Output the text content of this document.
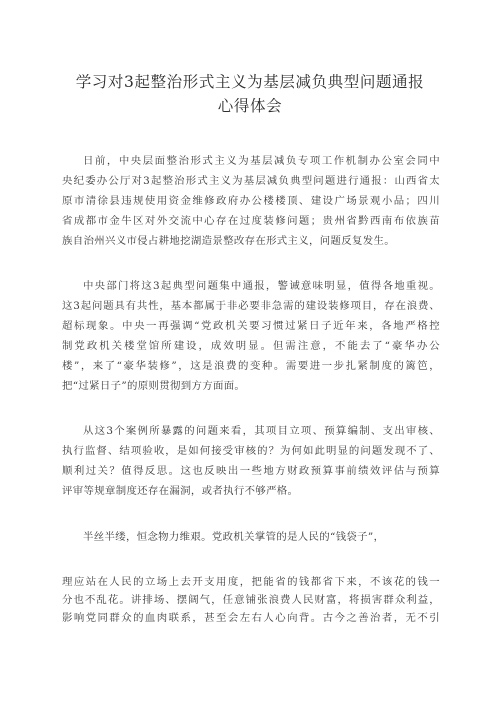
学习对3起整治形式主义为基层减负典型问题通报
心得体会
日前，中央层面整治形式主义为基层减负专项工作机制办公室会同中
央纪委办公厅对3起整治形式主义为基层减负典型问题进行通报：山西省太
原市清徐县违规使用资金维修政府办公楼楼顶、建设广场景观小品；四川
省成都市金牛区对外交流中心存在过度装修问题；贵州省黔西南布依族苗
族自治州兴义市侵占耕地挖湖造景整改存在形式主义，问题反复发生。
中央部门将这3起典型问题集中通报，警诫意味明显，值得各地重视。
这3起问题具有共性，基本都属于非必要非急需的建设装修项目，存在浪费、
超标现象。中央一再强调“党政机关要习惯过紧日子近年来，各地严格控
制党政机关楼堂馆所建设，成效明显。但需注意，不能去了“豪华办公
楼”，来了“豪华装修”，这是浪费的变种。需要进一步扎紧制度的篱笆，
把“过紧日子”的原则贯彻到方方面面。
从这3个案例所暴露的问题来看，其项目立项、预算编制、支出审核、
执行监督、结项验收，是如何接受审核的？为何如此明显的问题发现不了、
顺利过关？值得反思。这也反映出一些地方财政预算事前绩效评估与预算
评审等规章制度还存在漏洞，或者执行不够严格。
半丝半缕，恒念物力维艰。党政机关掌管的是人民的“钱袋子”，
理应站在人民的立场上去开支用度，把能省的钱都省下来，不该花的钱一
分也不乱花。讲排场、摆阔气，任意铺张浪费人民财富，将损害群众利益，
影响党同群众的血肉联系，甚至会左右人心向背。古今之善治者，无不引
